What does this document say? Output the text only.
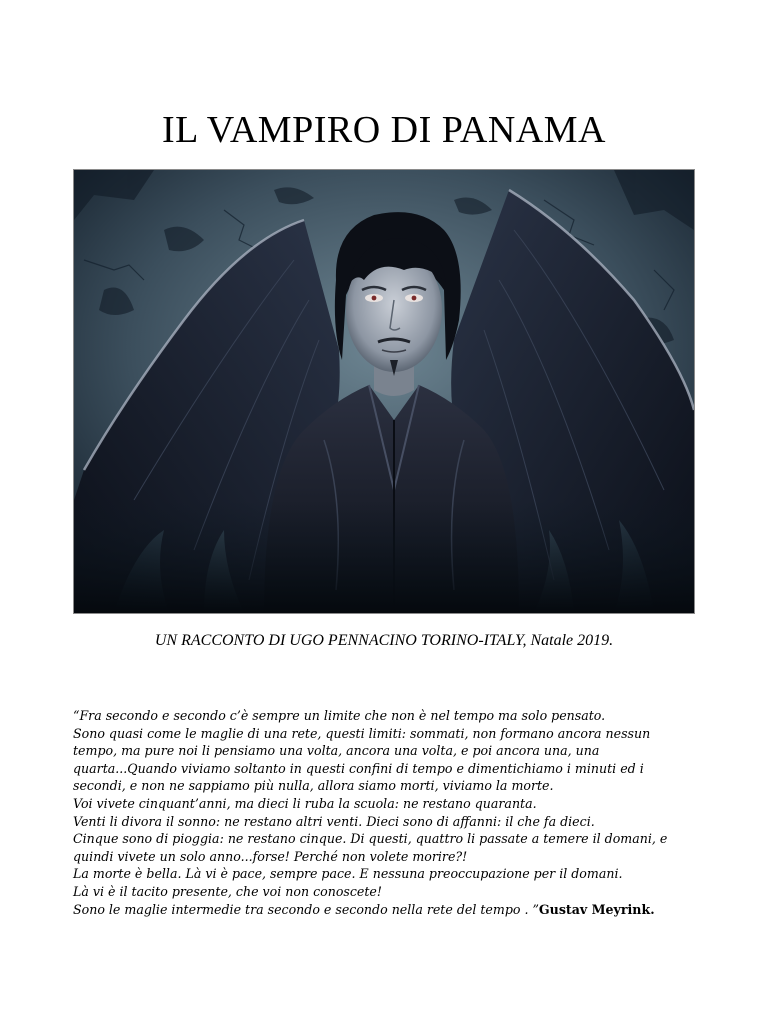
IL VAMPIRO DI PANAMA
UN RACCONTO DI UGO PENNACINO TORINO-ITALY, Natale 2019.
“Fra secondo e secondo c’è sempre un limite che non è nel tempo ma solo pensato.
Sono quasi come le maglie di una rete, questi limiti: sommati, non formano ancora nessun
tempo, ma pure noi li pensiamo una volta, ancora una volta, e poi ancora una, una
quarta...Quando viviamo soltanto in questi confini di tempo e dimentichiamo i minuti ed i
secondi, e non ne sappiamo più nulla, allora siamo morti, viviamo la morte.
Voi vivete cinquant’anni, ma dieci li ruba la scuola: ne restano quaranta.
Venti li divora il sonno: ne restano altri venti. Dieci sono di affanni: il che fa dieci.
Cinque sono di pioggia: ne restano cinque. Di questi, quattro li passate a temere il domani, e
quindi vivete un solo anno...forse! Perché non volete morire?!
La morte è bella. Là vi è pace, sempre pace. E nessuna preoccupazione per il domani.
Là vi è il tacito presente, che voi non conoscete!
Sono le maglie intermedie tra secondo e secondo nella rete del tempo . ”Gustav Meyrink.
